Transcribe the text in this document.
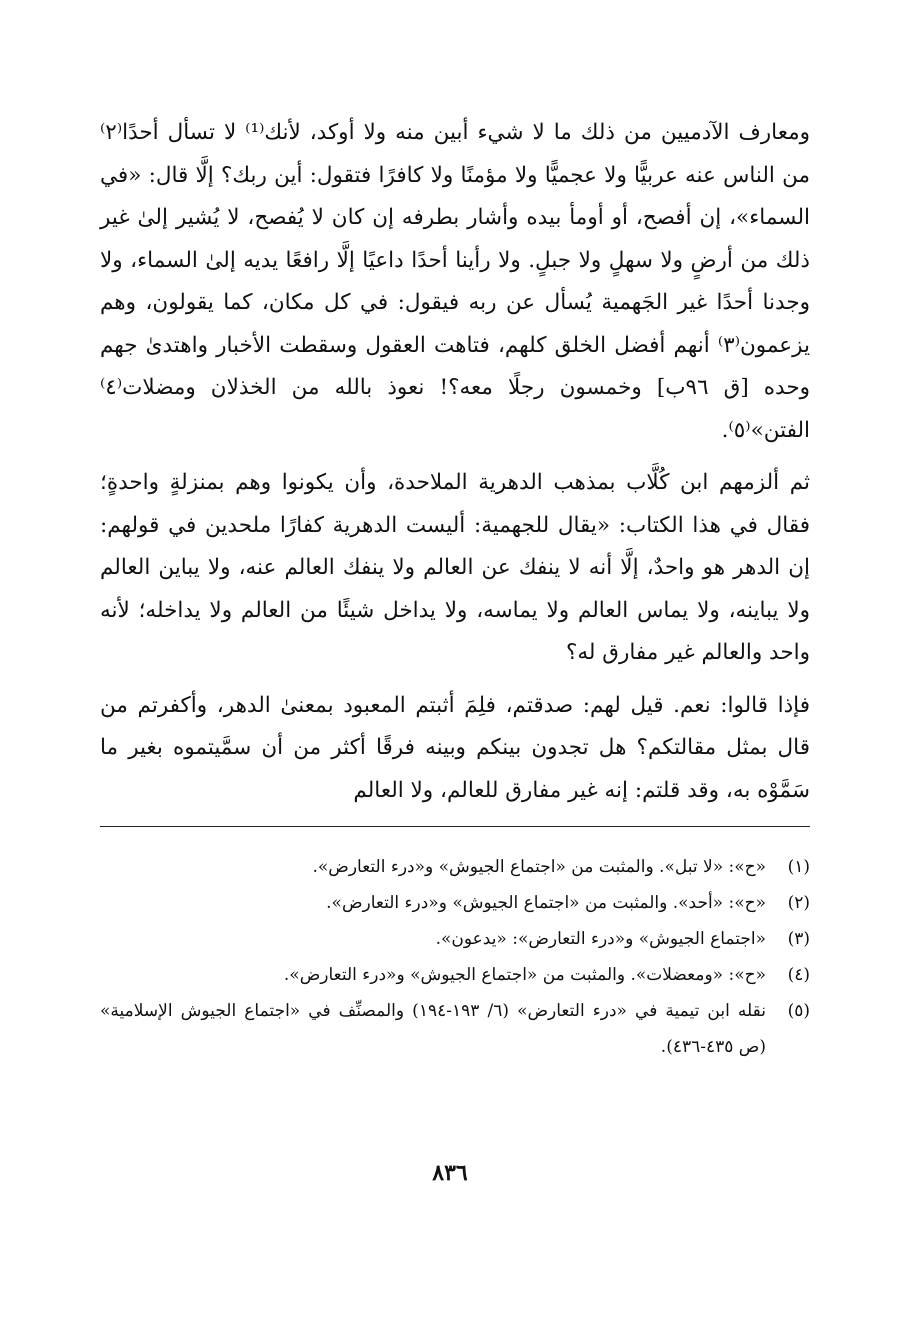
ومعارف الآدميين من ذلك ما لا شيء أبين منه ولا أوكد، لأنك⁽¹⁾ لا تسأل أحدًا⁽٢⁾ من الناس عنه عربيًّا ولا عجميًّا ولا مؤمنًا ولا كافرًا فتقول: أين ربك؟ إلَّا قال: «في السماء»، إن أفصح، أو أومأ بيده وأشار بطرفه إن كان لا يُفصح، لا يُشير إلىٰ غير ذلك من أرضٍ ولا سهلٍ ولا جبلٍ. ولا رأينا أحدًا داعيًا إلَّا رافعًا يديه إلىٰ السماء، ولا وجدنا أحدًا غير الجَهمية يُسأل عن ربه فيقول: في كل مكان، كما يقولون، وهم يزعمون⁽٣⁾ أنهم أفضل الخلق كلهم، فتاهت العقول وسقطت الأخبار واهتدىٰ جهم وحده [ق ٩٦ب] وخمسون رجلًا معه؟! نعوذ بالله من الخذلان ومضلات⁽٤⁾ الفتن»⁽٥⁾.

ثم ألزمهم ابن كُلَّاب بمذهب الدهرية الملاحدة، وأن يكونوا وهم بمنزلةٍ واحدةٍ؛ فقال في هذا الكتاب: «يقال للجهمية: أليست الدهرية كفارًا ملحدين في قولهم: إن الدهر هو واحدٌ، إلَّا أنه لا ينفك عن العالم ولا ينفك العالم عنه، ولا يباين العالم ولا يباينه، ولا يماس العالم ولا يماسه، ولا يداخل شيئًا من العالم ولا يداخله؛ لأنه واحد والعالم غير مفارق له؟

فإذا قالوا: نعم. قيل لهم: صدقتم، فلِمَ أثبتم المعبود بمعنىٰ الدهر، وأكفرتم من قال بمثل مقالتكم؟ هل تجدون بينكم وبينه فرقًا أكثر من أن سمَّيتموه بغير ما سَمَّوْه به، وقد قلتم: إنه غير مفارق للعالم، ولا العالم

(١)
«ح»: «لا تبل». والمثبت من «اجتماع الجيوش» و«درء التعارض».
(٢)
«ح»: «أحد». والمثبت من «اجتماع الجيوش» و«درء التعارض».
(٣)
«اجتماع الجيوش» و«درء التعارض»: «يدعون».
(٤)
«ح»: «ومعضلات». والمثبت من «اجتماع الجيوش» و«درء التعارض».
(٥)
نقله ابن تيمية في «درء التعارض» (٦/ ١٩٣-١٩٤) والمصنِّف في «اجتماع الجيوش الإسلامية» (ص ٤٣٥-٤٣٦).
٨٣٦
